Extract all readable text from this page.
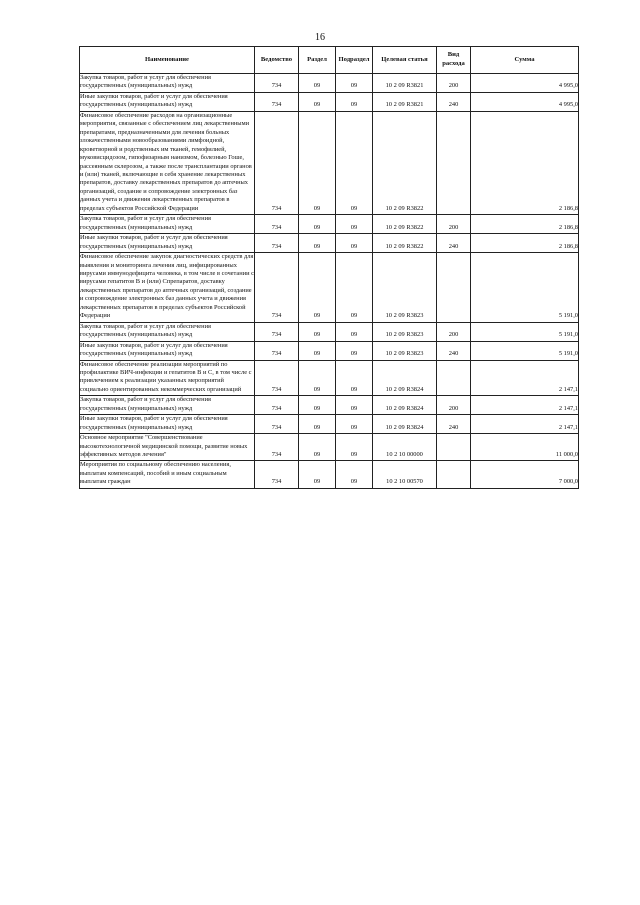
16
Наименование	Ведомство	Раздел	Подраздел	Целевая статья	Вид расхода	Сумма

Закупка товаров, работ и услуг для обеспечения государственных (муниципальных) нужд	734	09	09	10 2 09 R3821	200	4 995,0

Иные закупки товаров, работ и услуг для обеспечения государственных (муниципальных) нужд	734	09	09	10 2 09 R3821	240	4 995,0

Финансовое обеспечение расходов на организационные мероприятия, связанные с обеспечением лиц лекарственными препаратами, предназначенными для лечения больных злокачественными новообразованиями лимфоидной, кроветворной и родственных им тканей, гемофилией, муковисцидозом, гипофизарным нанизмом, болезнью Гоше, рассеянным склерозом, а также после трансплантации органов и (или) тканей, включающие в себя хранение лекарственных препаратов, доставку лекарственных препаратов до аптечных организаций, создание и сопровождение электронных баз данных учета и движения лекарственных препаратов в пределах субъектов Российской Федерации	734	09	09	10 2 09 R3822		2 186,8

Закупка товаров, работ и услуг для обеспечения государственных (муниципальных) нужд	734	09	09	10 2 09 R3822	200	2 186,8

Иные закупки товаров, работ и услуг для обеспечения государственных (муниципальных) нужд	734	09	09	10 2 09 R3822	240	2 186,8

Финансовое обеспечение закупок диагностических средств для выявления и мониторинга лечения лиц, инфицированных вирусами иммунодефицита человека, в том числе в сочетании с вирусами гепатитов В и (или) Спрепаратов, доставку лекарственных препаратов до аптечных организаций, создание и сопровождение электронных баз данных учета и движения лекарственных препаратов в пределах субъектов Российской Федерации	734	09	09	10 2 09 R3823		5 191,0

Закупка товаров, работ и услуг для обеспечения государственных (муниципальных) нужд	734	09	09	10 2 09 R3823	200	5 191,0

Иные закупки товаров, работ и услуг для обеспечения государственных (муниципальных) нужд	734	09	09	10 2 09 R3823	240	5 191,0

Финансовое обеспечение реализации мероприятий по профилактике ВИЧ-инфекции и гепатитов В и С, в том числе с привлечением к реализации указанных мероприятий социально ориентированных некоммерческих организаций	734	09	09	10 2 09 R3824		2 147,1

Закупка товаров, работ и услуг для обеспечения государственных (муниципальных) нужд	734	09	09	10 2 09 R3824	200	2 147,1

Иные закупки товаров, работ и услуг для обеспечения государственных (муниципальных) нужд	734	09	09	10 2 09 R3824	240	2 147,1

Основное мероприятие "Совершенствование высокотехнологичной медицинской помощи, развитие новых эффективных методов лечения"	734	09	09	10 2 10 00000		11 000,0

Мероприятия по социальному обеспечению населения, выплатам компенсаций, пособий и иным социальным выплатам граждан	734	09	09	10 2 10 00570		7 000,0
